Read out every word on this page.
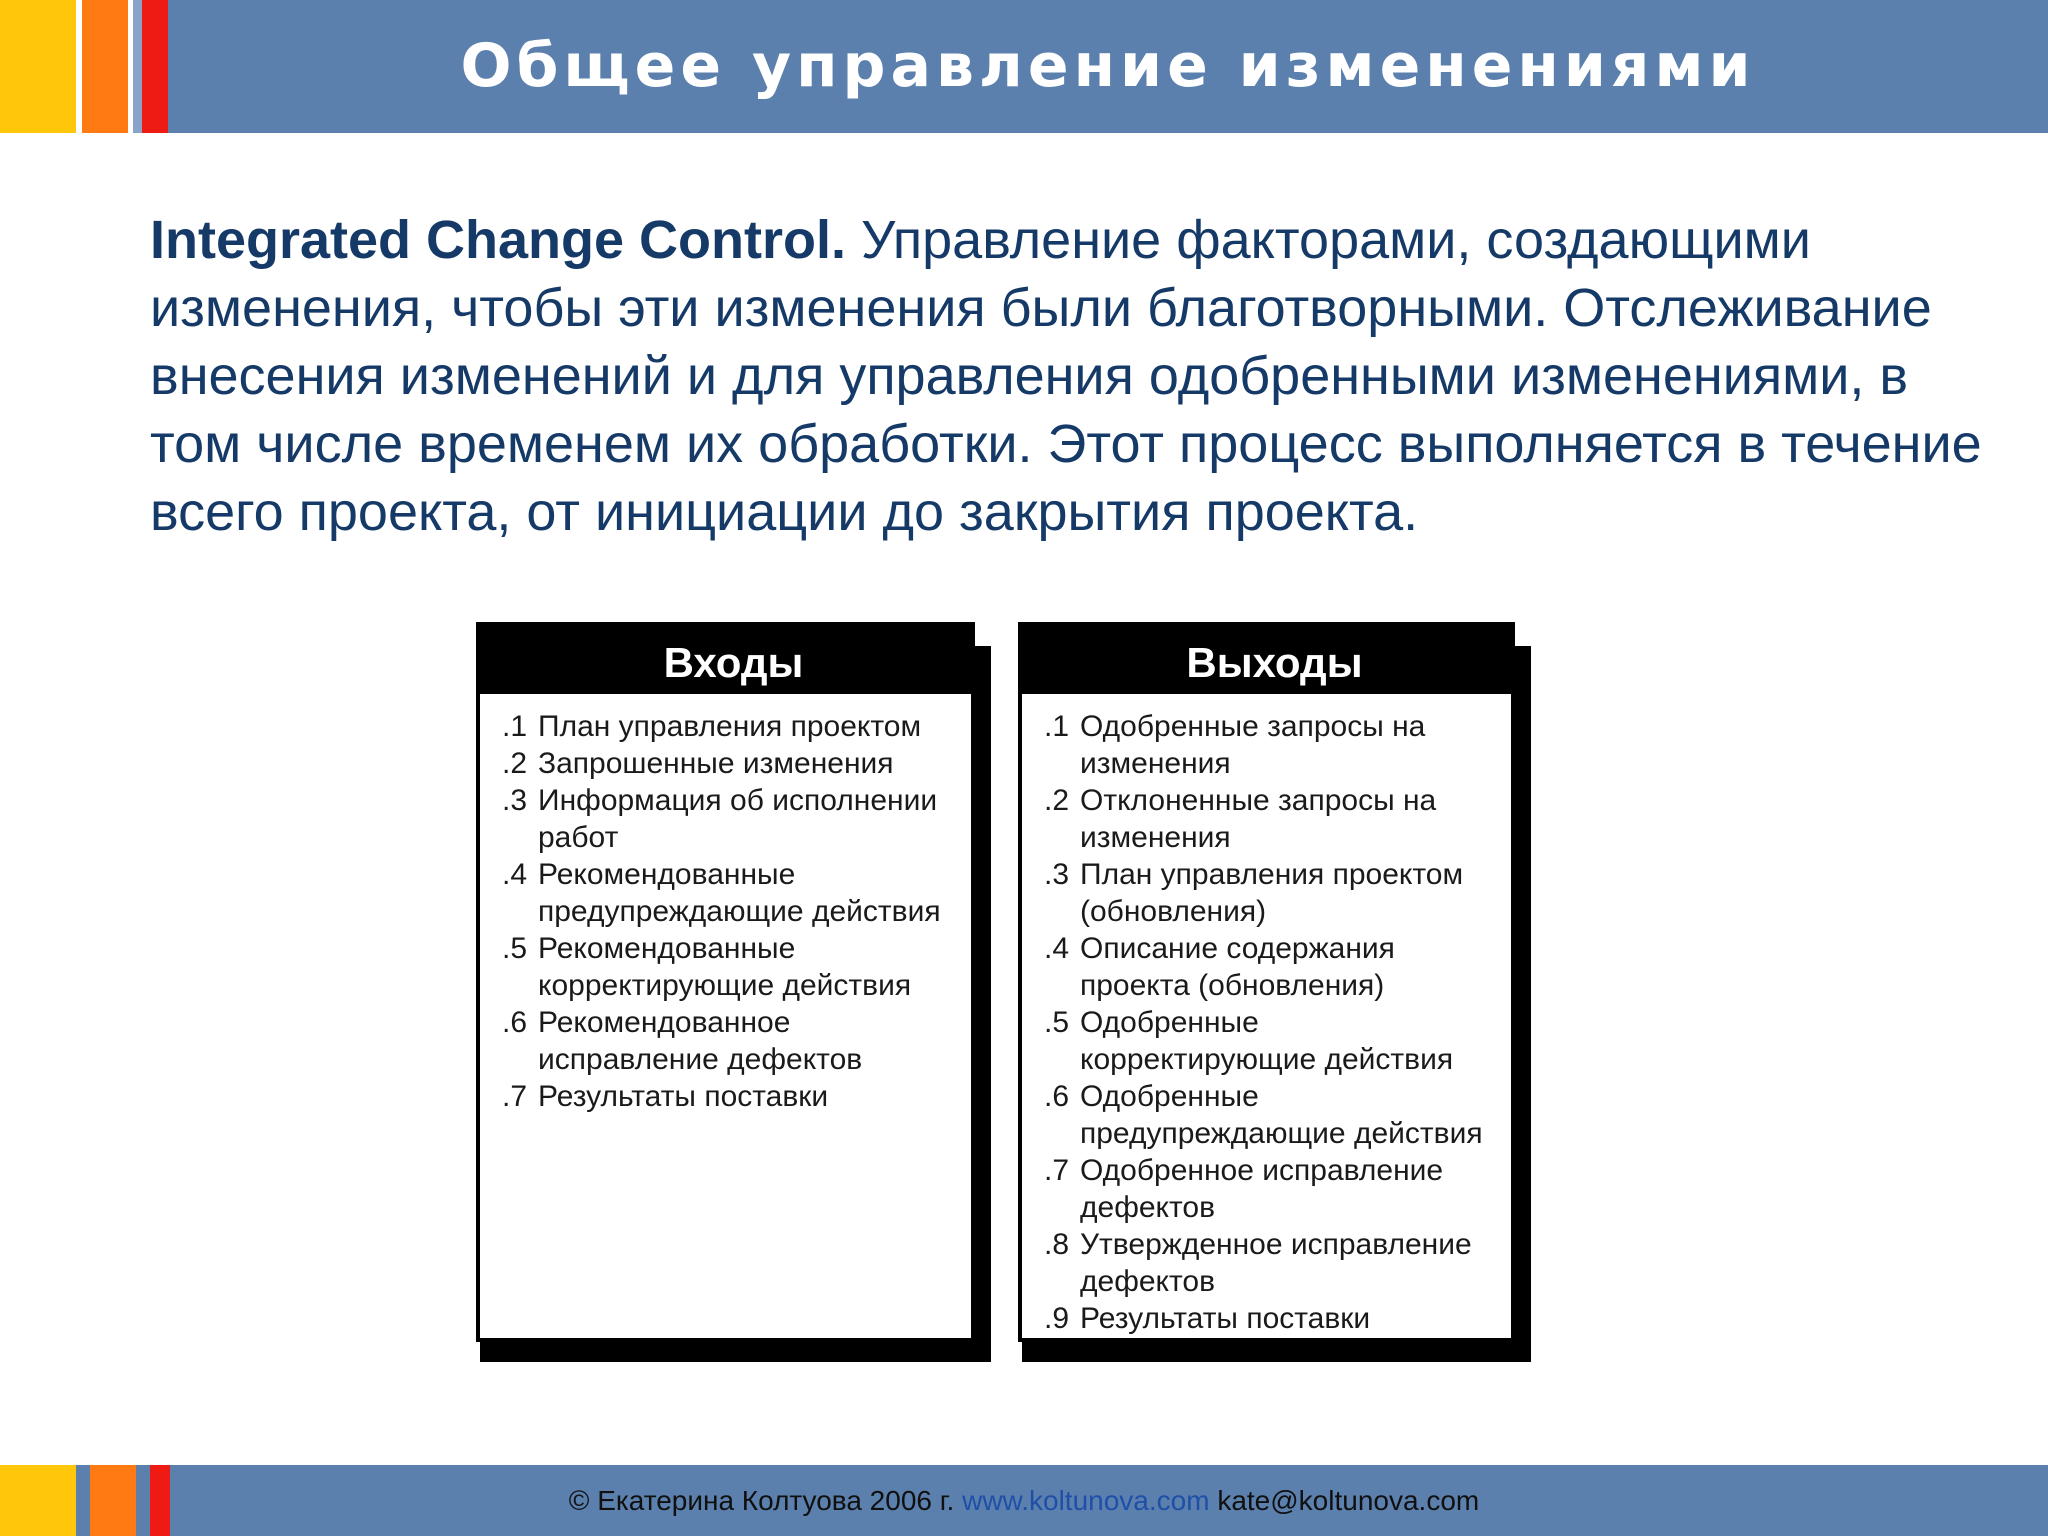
Общее управление изменениями
Integrated Change Control. Управление факторами, создающими изменения, чтобы эти изменения были благотворными. Отслеживание внесения изменений и для управления одобренными изменениями, в том числе временем их обработки. Этот процесс выполняется в течение всего проекта, от инициации до закрытия проекта.
Входы
.1 План управления проектом
.2 Запрошенные изменения
.3 Информация об исполнении работ
.4 Рекомендованные предупреждающие действия
.5 Рекомендованные корректирующие действия
.6 Рекомендованное исправление дефектов
.7 Результаты поставки
Выходы
.1 Одобренные запросы на изменения
.2 Отклоненные запросы на изменения
.3 План управления проектом (обновления)
.4 Описание содержания проекта (обновления)
.5 Одобренные корректирующие действия
.6 Одобренные предупреждающие действия
.7 Одобренное исправление дефектов
.8 Утвержденное исправление дефектов
.9 Результаты поставки
© Екатерина Колтуова 2006 г. www.koltunova.com kate@koltunova.com
